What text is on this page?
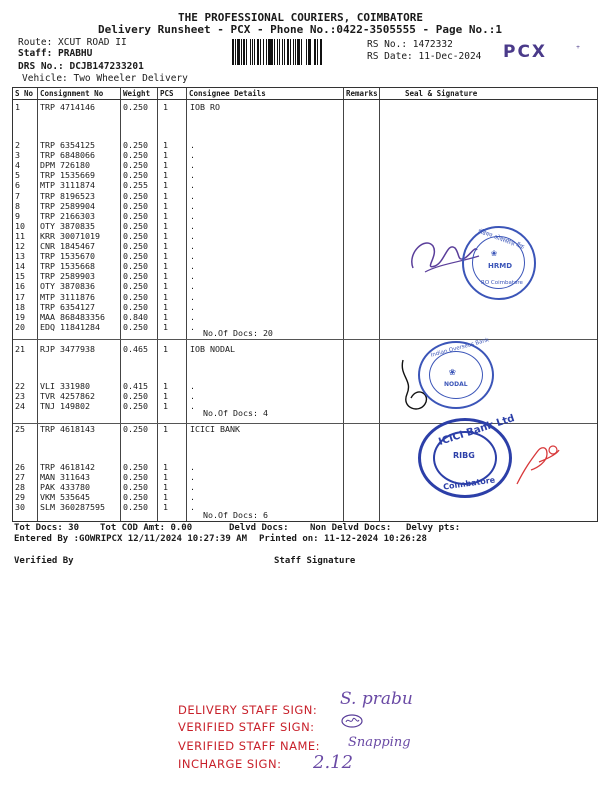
THE PROFESSIONAL COURIERS, COIMBATORE
Delivery Runsheet - PCX - Phone No.:0422-3505555 - Page No.:1
Route: XCUT ROAD II
Staff: PRABHU
DRS No.: DCJB147233201
Vehicle: Two Wheeler Delivery
RS No.: 1472332
RS Date: 11-Dec-2024 PCX	⁺
S No Consignment No	Weight PCS Consignee Details	Remarks	Seal & Signature
1 TRP 4714146	0.250 1	IOB RO
2 TRP 6354125	0.250 1	.
3 TRP 6848066	0.250 1	.
4 DPM 726180	0.250 1	.
5 TRP 1535669	0.250 1	.
6 MTP 3111874	0.255 1	.
7 TRP 8196523	0.250 1	.
8 TRP 2589904	0.250 1	.
9 TRP 2166303	0.250 1	.
10 OTY 3870835	0.250 1	.
11 KRR 30071019	0.250 1	.
12 CNR 1845467	0.250 1	.
13 TRP 1535670	0.250 1	.
14 TRP 1535668	0.250 1	.
15 TRP 2589903	0.250 1	.
16 OTY 3870836	0.250 1	.
17 MTP 3111876	0.250 1	.
18 TRP 6354127	0.250 1	.
19 MAA 868483356 0.840 1	.
20 EDQ 11841284	0.250 1	.
No.Of Docs: 20
21 RJP 3477938	0.465 1	IOB NODAL
22 VLI 331980	0.415 1	.
23 TVR 4257862	0.250 1	.
24 TNJ 149802	0.250 1	.
No.Of Docs: 4
25 TRP 4618143	0.250 1	ICICI BANK
26 TRP 4618142	0.250 1	.
27 MAN 311643	0.250 1	.
28 PAK 433780	0.250 1	.
29 VKM 535645	0.250 1	.
30 SLM 360287595 0.250 1	.
No.Of Docs: 6
इंडियन ओवरसीज़ बैंक
❀
HRMD
RO Coimbatore
Indian Overseas Bank
❀
NODAL
ICICI Bank Ltd
RIBG
Coimbatore
Tot Docs: 30 Tot COD Amt: 0.00	Delvd Docs: Non Delvd Docs: Delvy pts:
Entered By :GOWRIPCX 12/11/2024 10:27:39 AM Printed on: 11-12-2024 10:26:28
Verified By	Staff Signature
DELIVERY STAFF SIGN:
VERIFIED STAFF SIGN:
VERIFIED STAFF NAME:
INCHARGE SIGN:
S. prabu
Snapping
2.12
